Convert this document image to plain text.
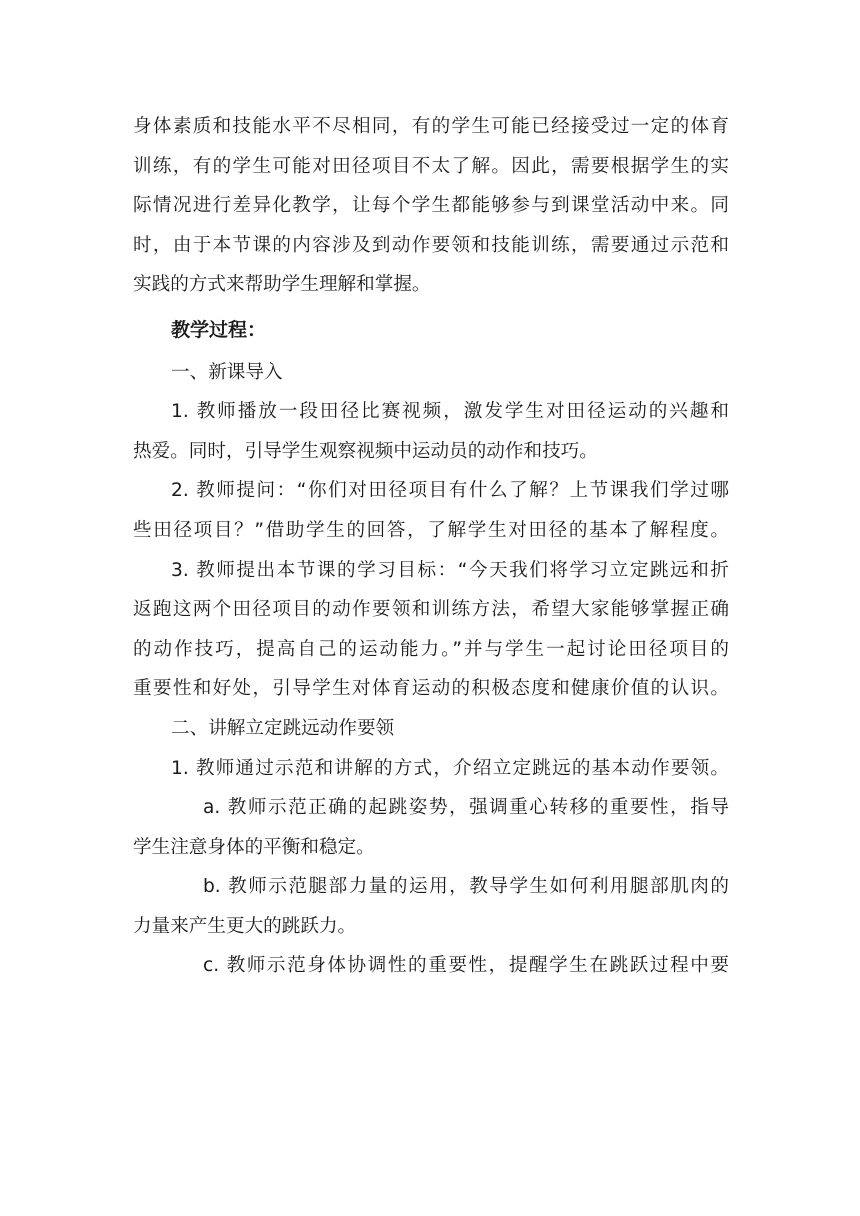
身体素质和技能水平不尽相同，有的学生可能已经接受过一定的体育
训练，有的学生可能对田径项目不太了解。因此，需要根据学生的实
际情况进行差异化教学，让每个学生都能够参与到课堂活动中来。同
时，由于本节课的内容涉及到动作要领和技能训练，需要通过示范和
实践的方式来帮助学生理解和掌握。
教学过程：
一、新课导入
1. 教师播放一段田径比赛视频，激发学生对田径运动的兴趣和
热爱。同时，引导学生观察视频中运动员的动作和技巧。
2. 教师提问：“你们对田径项目有什么了解？上节课我们学过哪
些田径项目？”借助学生的回答，了解学生对田径的基本了解程度。
3. 教师提出本节课的学习目标：“今天我们将学习立定跳远和折
返跑这两个田径项目的动作要领和训练方法，希望大家能够掌握正确
的动作技巧，提高自己的运动能力。”并与学生一起讨论田径项目的
重要性和好处，引导学生对体育运动的积极态度和健康价值的认识。
二、讲解立定跳远动作要领
1. 教师通过示范和讲解的方式，介绍立定跳远的基本动作要领。
a. 教师示范正确的起跳姿势，强调重心转移的重要性，指导
学生注意身体的平衡和稳定。
b. 教师示范腿部力量的运用，教导学生如何利用腿部肌肉的
力量来产生更大的跳跃力。
c. 教师示范身体协调性的重要性，提醒学生在跳跃过程中要
